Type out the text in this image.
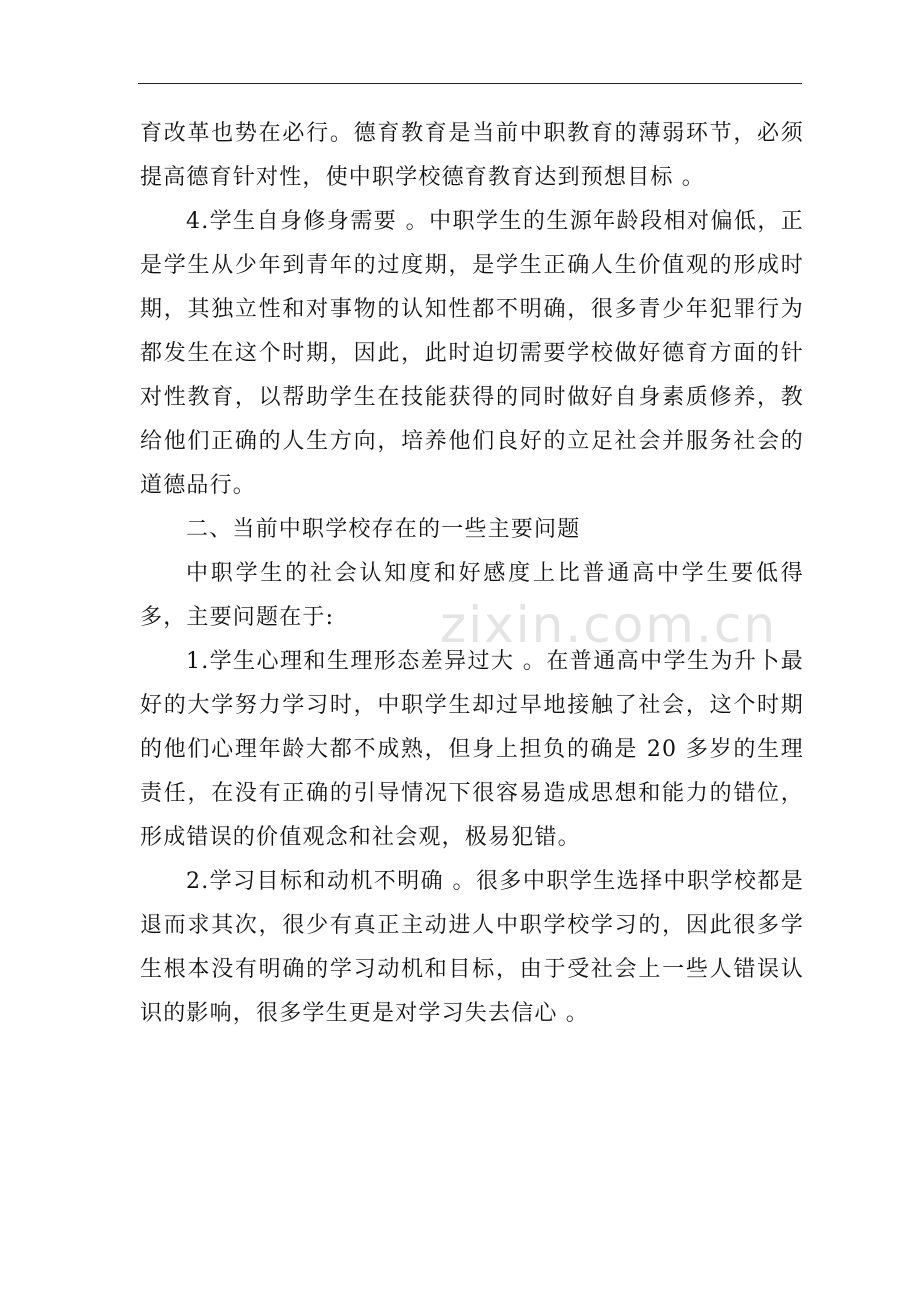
zixin.com.cn

育改革也势在必行。德育教育是当前中职教育的薄弱环节，必须提高德育针对性，使中职学校德育教育达到预想目标 。

4.学生自身修身需要 。中职学生的生源年龄段相对偏低，正是学生从少年到青年的过度期，是学生正确人生价值观的形成时期，其独立性和对事物的认知性都不明确，很多青少年犯罪行为都发生在这个时期，因此，此时迫切需要学校做好德育方面的针对性教育，以帮助学生在技能获得的同时做好自身素质修养，教给他们正确的人生方向，培养他们良好的立足社会并服务社会的道德品行。

二、当前中职学校存在的一些主要问题

中职学生的社会认知度和好感度上比普通高中学生要低得多，主要问题在于:

1.学生心理和生理形态差异过大 。在普通高中学生为升卜最好的大学努力学习时，中职学生却过早地接触了社会，这个时期的他们心理年龄大都不成熟，但身上担负的确是 20 多岁的生理责任，在没有正确的引导情况下很容易造成思想和能力的错位，形成错误的价值观念和社会观，极易犯错。

2.学习目标和动机不明确 。很多中职学生选择中职学校都是退而求其次，很少有真正主动进人中职学校学习的，因此很多学生根本没有明确的学习动机和目标，由于受社会上一些人错误认识的影响，很多学生更是对学习失去信心 。
